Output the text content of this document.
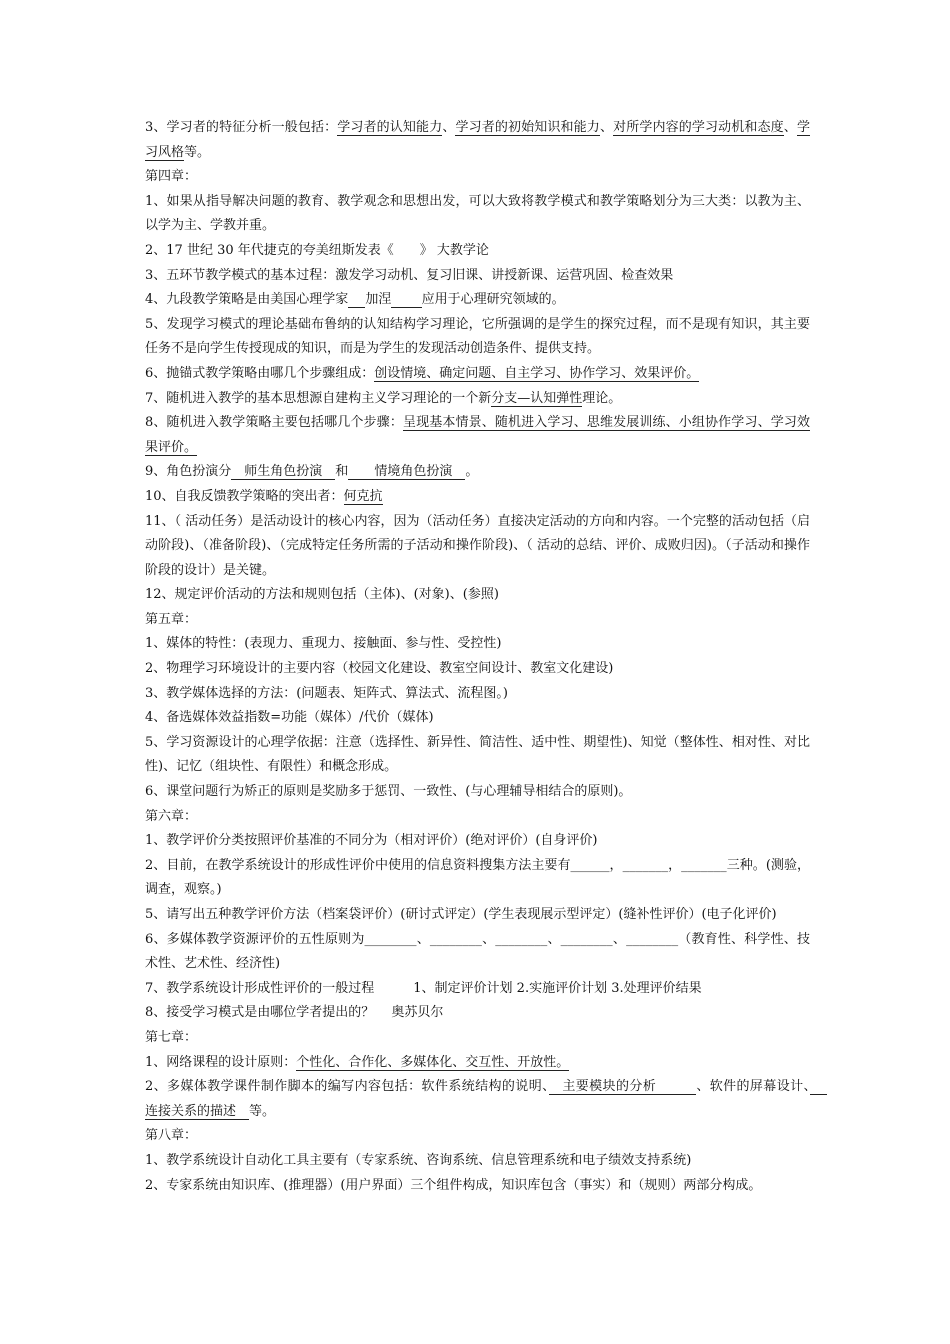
3、学习者的特征分析一般包括：学习者的认知能力、学习者的初始知识和能力、对所学内容的学习动机和态度、学习风格等。

第四章：

1、如果从指导解决问题的教育、教学观念和思想出发，可以大致将教学模式和教学策略划分为三大类：以教为主、以学为主、学教并重。

2、17 世纪 30 年代捷克的夸美纽斯发表《　　》 大教学论

3、五环节教学模式的基本过程：激发学习动机、复习旧课、讲授新课、运营巩固、检查效果

4、九段教学策略是由美国心理学家　 加涅　 　 应用于心理研究领域的。

5、发现学习模式的理论基础布鲁纳的认知结构学习理论，它所强调的是学生的探究过程，而不是现有知识，其主要任务不是向学生传授现成的知识，而是为学生的发现活动创造条件、提供支持。

6、抛锚式教学策略由哪几个步骤组成：创设情境、确定问题、自主学习、协作学习、效果评价。

7、随机进入教学的基本思想源自建构主义学习理论的一个新分支—认知弹性理论。

8、随机进入教学策略主要包括哪几个步骤：呈现基本情景、随机进入学习、思维发展训练、小组协作学习、学习效果评价。

9、角色扮演分　师生角色扮演　和　　情境角色扮演　。

10、自我反馈教学策略的突出者：何克抗

11、（ 活动任务）是活动设计的核心内容，因为（活动任务）直接决定活动的方向和内容。一个完整的活动包括（启动阶段)、（准备阶段)、（完成特定任务所需的子活动和操作阶段)、（ 活动的总结、评价、成败归因)。（子活动和操作阶段的设计）是关键。

12、规定评价活动的方法和规则包括（主体)、(对象)、(参照)

第五章：

1、媒体的特性：(表现力、重现力、接触面、参与性、受控性)

2、物理学习环境设计的主要内容（校园文化建设、教室空间设计、教室文化建设)

3、教学媒体选择的方法：(问题表、矩阵式、算法式、流程图。)

4、备选媒体效益指数=功能（媒体）/代价（媒体)

5、学习资源设计的心理学依据：注意（选择性、新异性、简洁性、适中性、期望性)、知觉（整体性、相对性、对比性)、记忆（组块性、有限性）和概念形成。

6、课堂问题行为矫正的原则是奖励多于惩罚、一致性、(与心理辅导相结合的原则)。

第六章：

1、教学评价分类按照评价基准的不同分为（相对评价）(绝对评价）(自身评价)

2、目前，在教学系统设计的形成性评价中使用的信息资料搜集方法主要有______，_______，_______三种。(测验，调查，观察。)

5、请写出五种教学评价方法（档案袋评价）(研讨式评定）(学生表现展示型评定）(缝补性评价）(电子化评价)

6、多媒体教学资源评价的五性原则为________、________、________、________、________（教育性、科学性、技术性、艺术性、经济性)

7、教学系统设计形成性评价的一般过程　　　1、制定评价计划 2.实施评价计划 3.处理评价结果

8、接受学习模式是由哪位学者提出的？　 奥苏贝尔

第七章：

1、网络课程的设计原则：个性化、合作化、多媒体化、交互性、开放性。

2、多媒体教学课件制作脚本的编写内容包括：软件系统结构的说明、　主要模块的分析　　　、软件的屏幕设计、　 连接关系的描述　等。

第八章：

1、教学系统设计自动化工具主要有（专家系统、咨询系统、信息管理系统和电子绩效支持系统)

2、专家系统由知识库、(推理器）(用户界面）三个组件构成，知识库包含（事实）和（规则）两部分构成。
